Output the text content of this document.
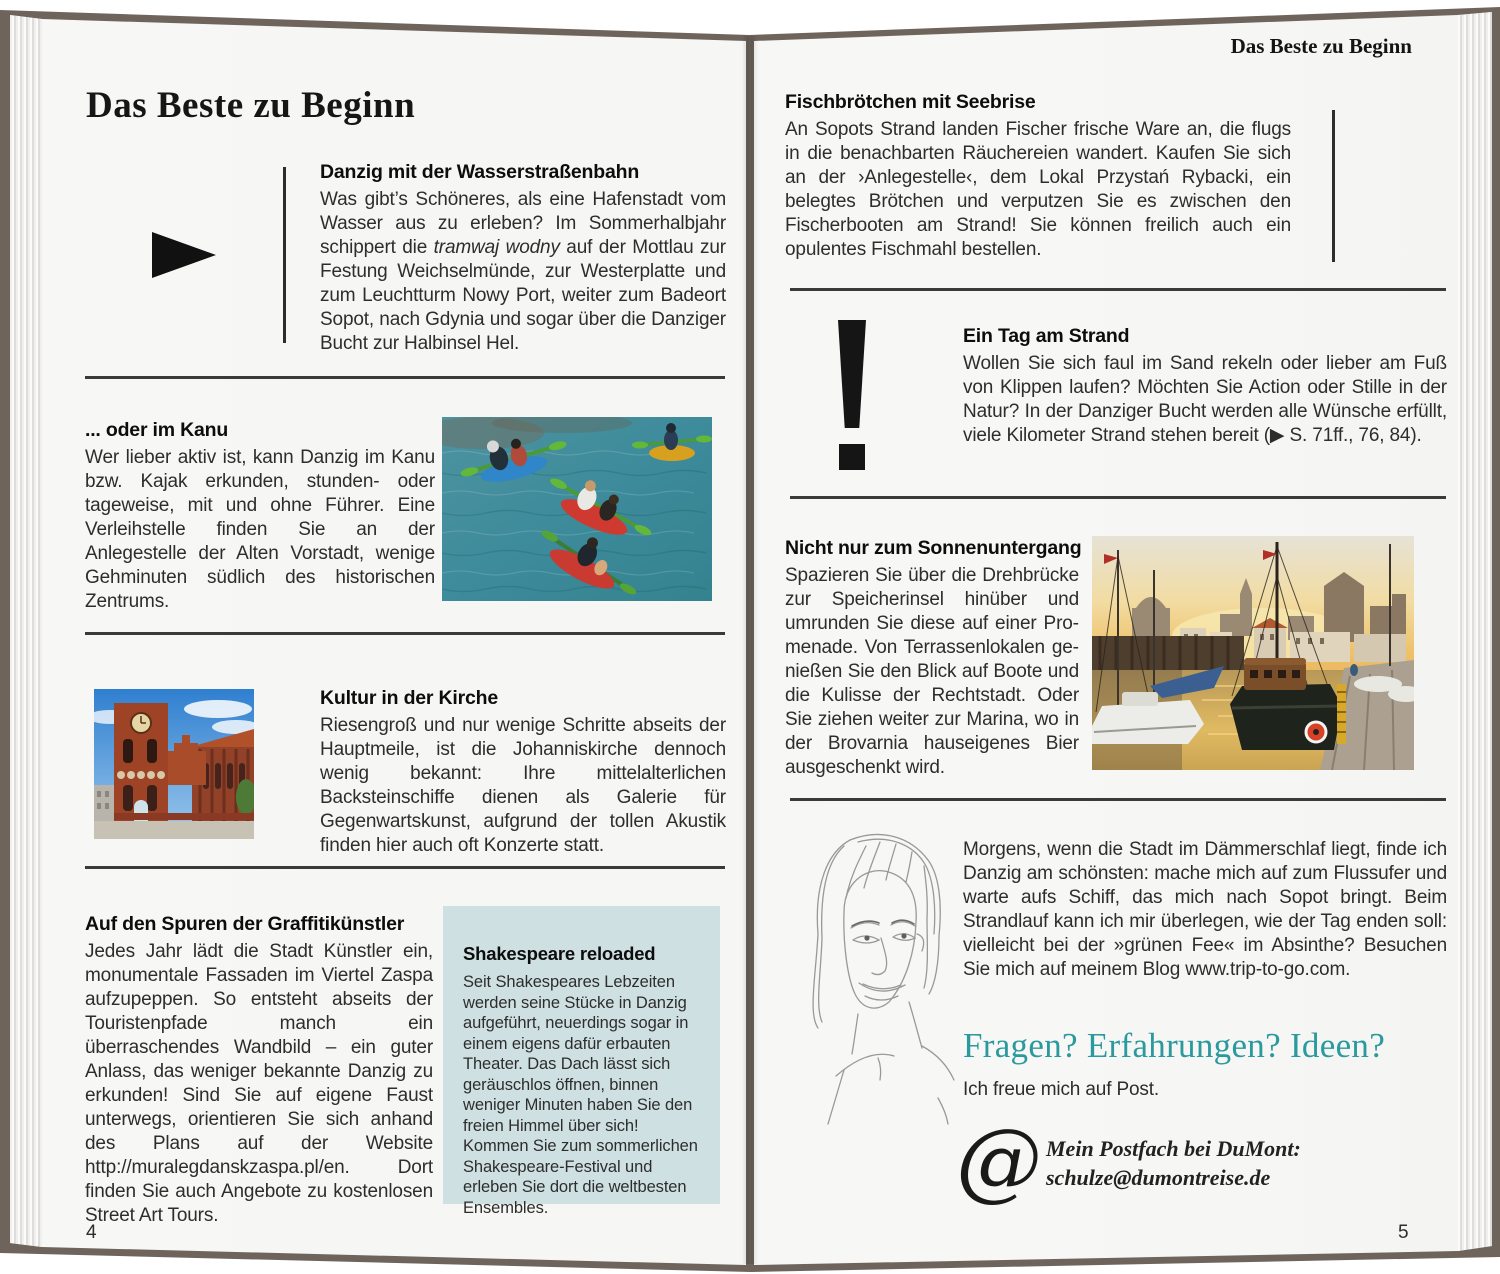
Das Beste zu Beginn
Danzig mit der Wasserstraßenbahn
Was gibt’s Schöneres, als eine Hafenstadt vom Wasser aus zu erleben? Im Sommerhalbjahr schippert die tramwaj wodny auf der Mottlau zur Festung Weichselmünde, zur Westerplatte und zum Leuchtturm Nowy Port, weiter zum Badeort Sopot, nach Gdynia und sogar über die Danziger Bucht zur Halbinsel Hel.
... oder im Kanu
Wer lieber aktiv ist, kann Danzig im Kanu bzw. Kajak erkunden, stunden- oder tageweise, mit und ohne Führer. Eine Verleihstelle finden Sie an der Anlegestelle der Alten Vorstadt, wenige Gehminuten südlich des historischen Zentrums.
Kultur in der Kirche
Riesengroß und nur wenige Schritte abseits der Hauptmeile, ist die Johanniskirche dennoch wenig bekannt: Ihre mittelalterlichen Backsteinschiffe dienen als Galerie für Gegenwartskunst, aufgrund der tollen Akustik finden hier auch oft Konzerte statt.
Auf den Spuren der Graffitikünstler
Jedes Jahr lädt die Stadt Künstler ein, monumentale Fassaden im Viertel Zaspa aufzupeppen. So entsteht abseits der Touristenpfade manch ein überraschendes Wandbild – ein guter Anlass, das weniger bekannte Danzig zu erkunden! Sind Sie auf eigene Faust unterwegs, orientieren Sie sich anhand des Plans auf der Website http://muralegdanskzaspa.pl/en. Dort finden Sie auch Angebote zu kostenlosen Street Art Tours.
Shakespeare reloaded
Seit Shakespeares Lebzeiten werden seine Stücke in Danzig aufgeführt, neuerdings sogar in einem eigens dafür erbauten Theater. Das Dach lässt sich geräuschlos öffnen, binnen weniger Minuten haben Sie den freien Himmel über sich! Kommen Sie zum sommerlichen Shakespeare-Festival und erleben Sie dort die weltbesten Ensembles.
4
Das Beste zu Beginn
Fischbrötchen mit Seebrise
An Sopots Strand landen Fischer frische Ware an, die flugs in die benachbarten Räuchereien wandert. Kaufen Sie sich an der ›Anlegestelle‹, dem Lokal Przystań Rybacki, ein belegtes Brötchen und verputzen Sie es zwischen den Fischerbooten am Strand! Sie können freilich auch ein opulentes Fischmahl bestellen.
Ein Tag am Strand
Wollen Sie sich faul im Sand rekeln oder lieber am Fuß von Klippen laufen? Möchten Sie Action oder Stille in der Natur? In der Danziger Bucht werden alle Wünsche erfüllt, viele Kilometer Strand stehen bereit (▶ S. 71ff., 76, 84).
Nicht nur zum Sonnenuntergang
Spazieren Sie über die Drehbrücke zur Speicherinsel hinüber und umrunden Sie diese auf einer Promenade. Von Terrassenlokalen genießen Sie den Blick auf Boote und die Kulisse der Rechtstadt. Oder Sie ziehen weiter zur Marina, wo in der Brovarnia hauseigenes Bier ausgeschenkt wird.
Morgens, wenn die Stadt im Dämmerschlaf liegt, finde ich Danzig am schönsten: mache mich auf zum Flussufer und warte aufs Schiff, das mich nach Sopot bringt. Beim Strandlauf kann ich mir überlegen, wie der Tag enden soll: vielleicht bei der »grünen Fee« im Absinthe? Besuchen Sie mich auf meinem Blog www.trip-to-go.com.
Fragen? Erfahrungen? Ideen?
Ich freue mich auf Post.
@ Mein Postfach bei DuMont:
schulze@dumontreise.de
5
